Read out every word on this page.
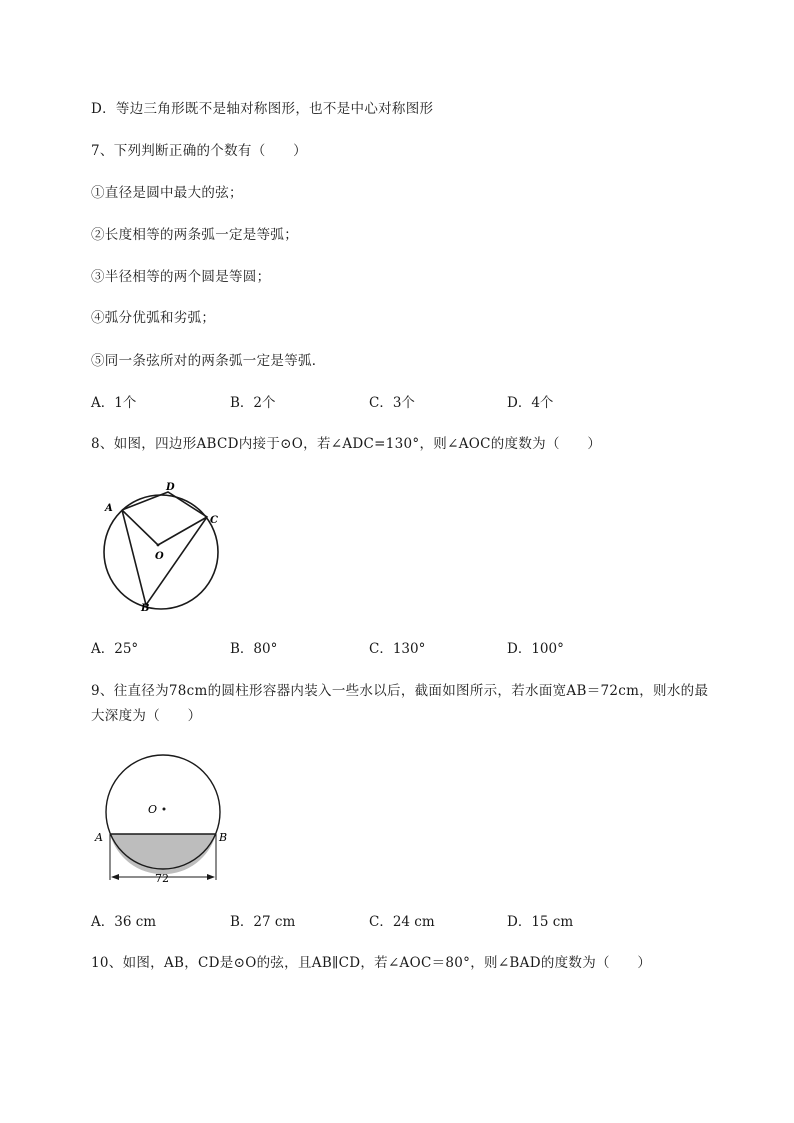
D．等边三角形既不是轴对称图形，也不是中心对称图形
7、下列判断正确的个数有（　　）
①直径是圆中最大的弦；
②长度相等的两条弧一定是等弧；
③半径相等的两个圆是等圆；
④弧分优弧和劣弧；
⑤同一条弦所对的两条弧一定是等弧．
A．1个	B．2个	C．3个	D．4个
8、如图，四边形ABCD内接于⊙O，若∠ADC=130°，则∠AOC的度数为（　　）
A
D
C
B
O
A．25°	B．80°	C．130°	D．100°
9、往直径为78cm的圆柱形容器内装入一些水以后，截面如图所示，若水面宽AB＝72cm，则水的最
大深度为（　　）
O
A	B
72
A．36 cm	B．27 cm	C．24 cm	D．15 cm
10、如图，AB，CD是⊙O的弦，且AB∥CD，若∠AOC＝80°，则∠BAD的度数为（　　）
